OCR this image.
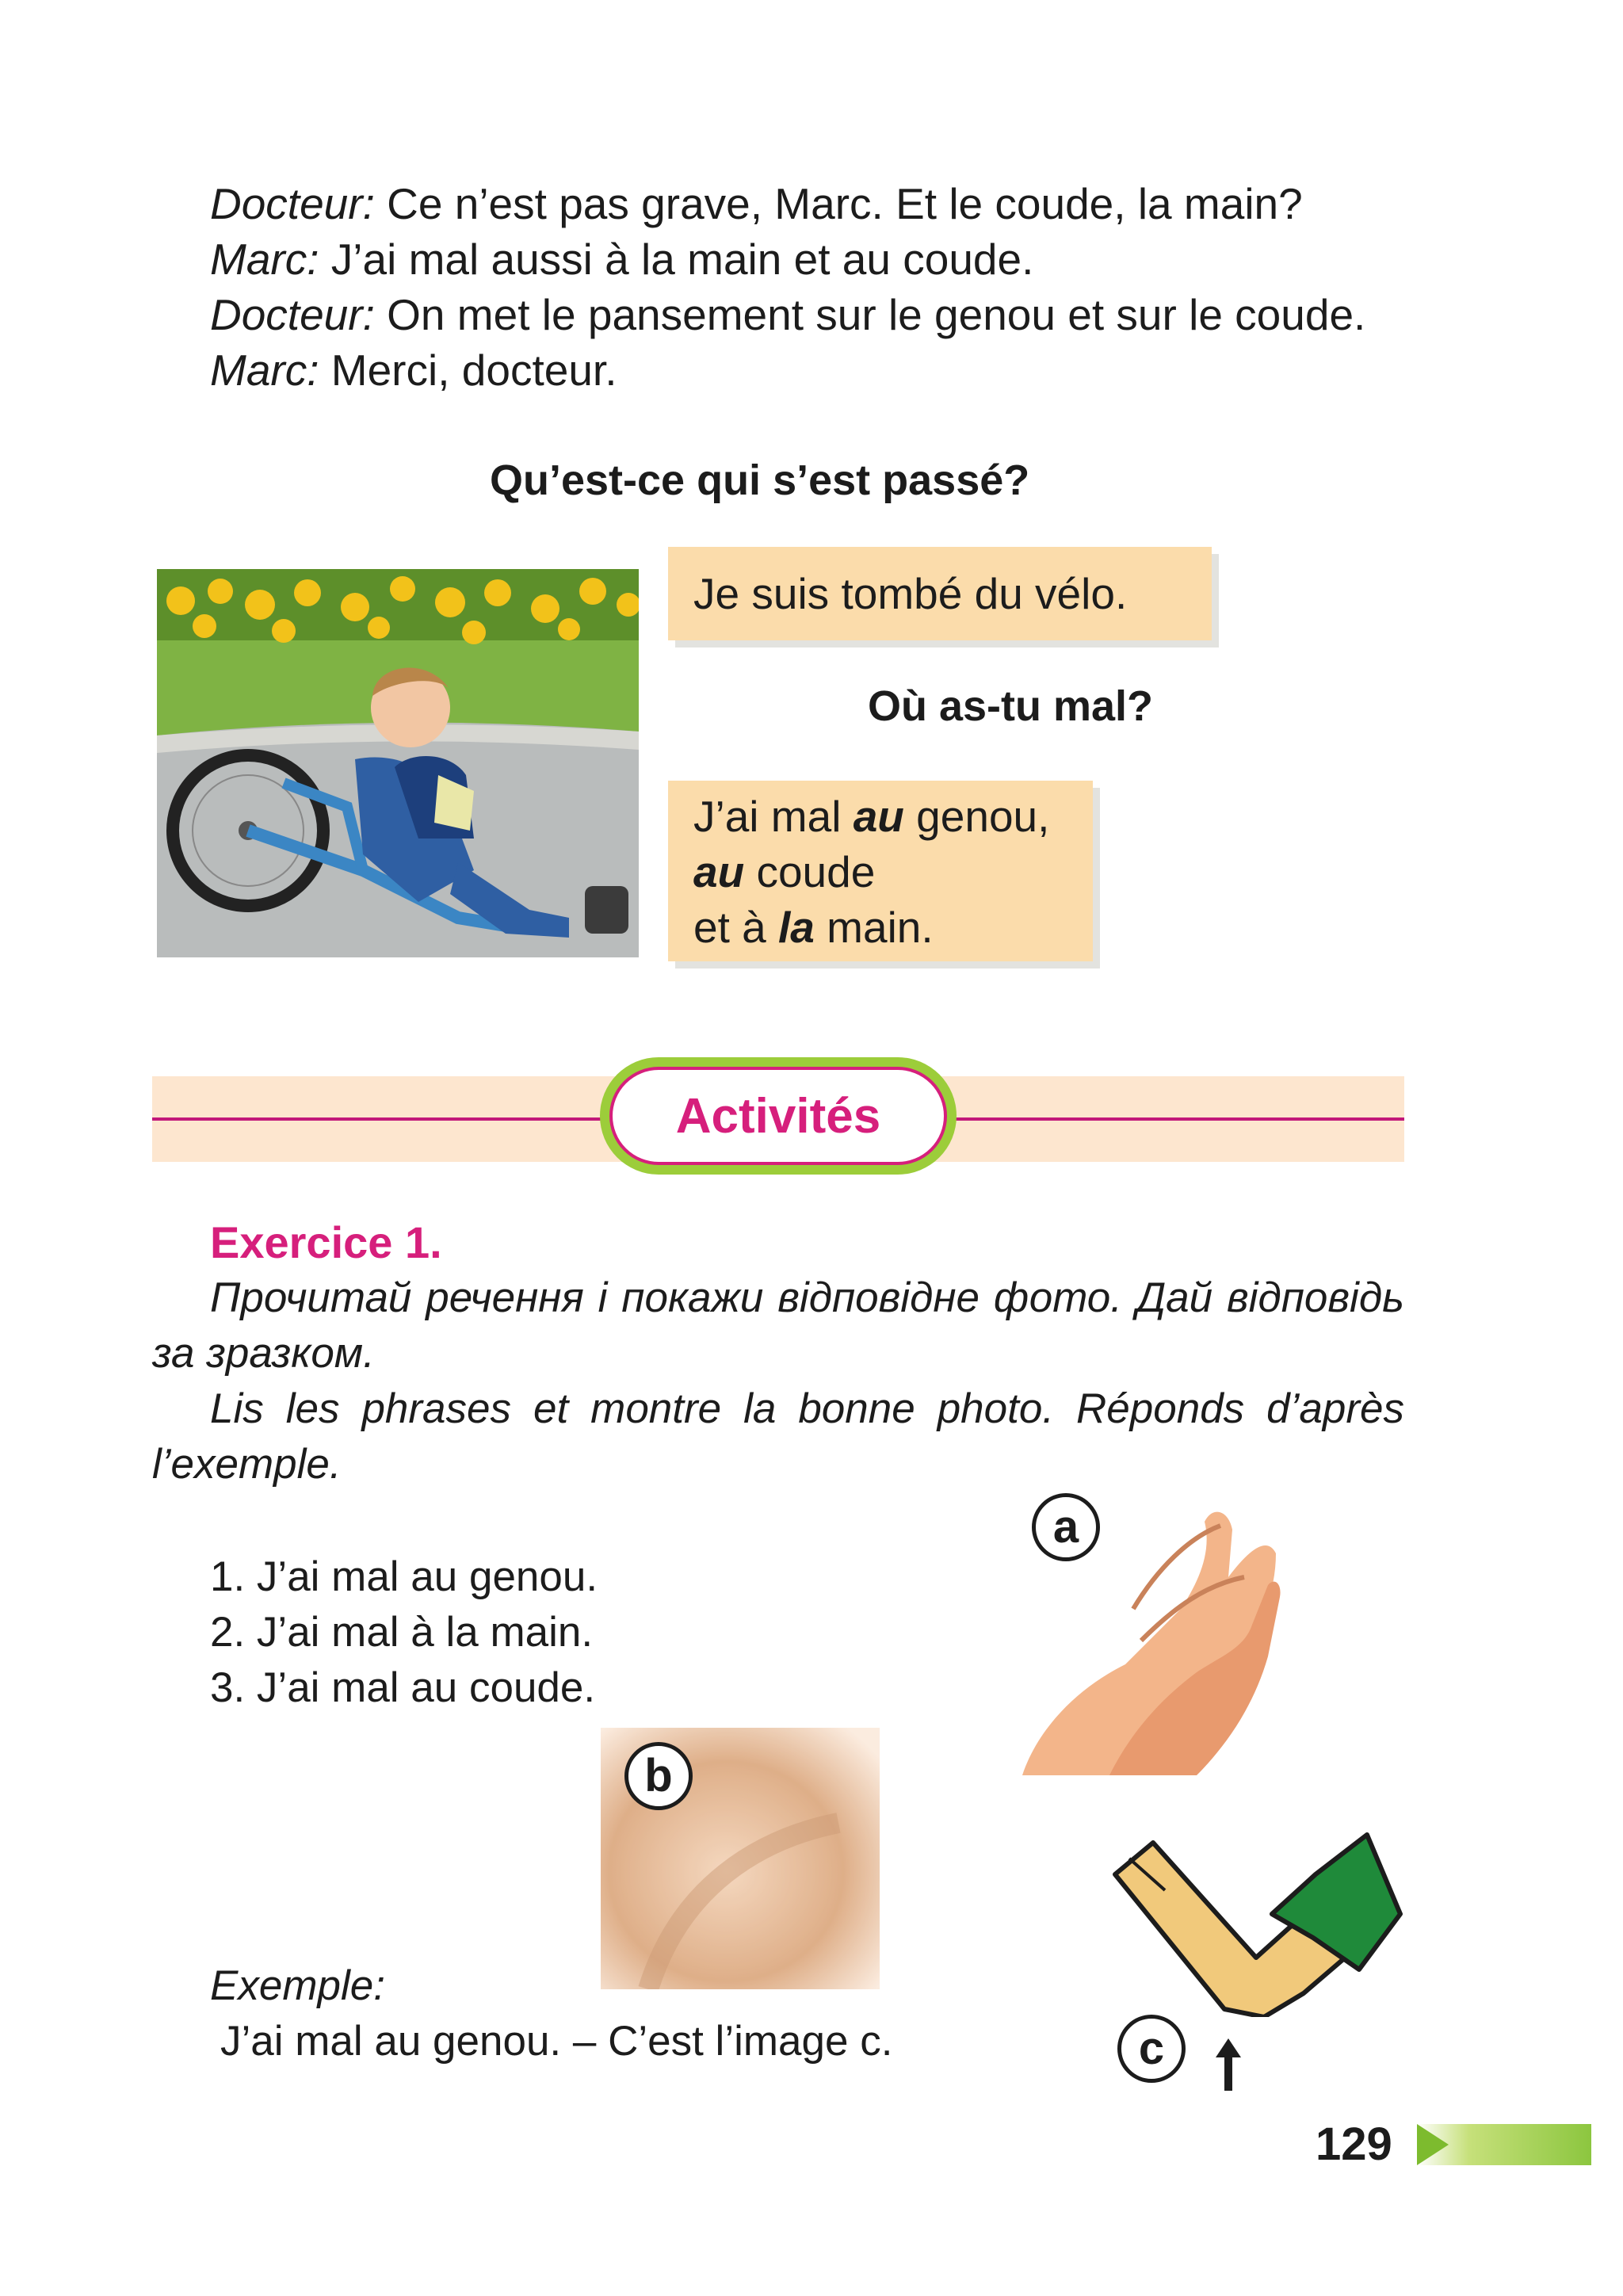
Docteur: Ce n’est pas grave, Marc. Et le coude, la main?
Marc: J’ai mal aussi à la main et au coude.
Docteur: On met le pansement sur le genou et sur le coude.
Marc: Merci, docteur.
Qu’est-ce qui s’est passé?
Je suis tombé du vélo.
Où as-tu mal?
J’ai mal au genou,
au coude
et à la main.
Activités
Exercice 1.

Прочитай речення і покажи відповідне фото. Дай відповідь за зразком.

Lis les phrases et montre la bonne photo. Réponds d’après l’exemple.

1. J’ai mal au genou.
2. J’ai mal à la main.
3. J’ai mal au coude.
a
b
c
Exemple:
J’ai mal au genou. – C’est l’image c.
129
